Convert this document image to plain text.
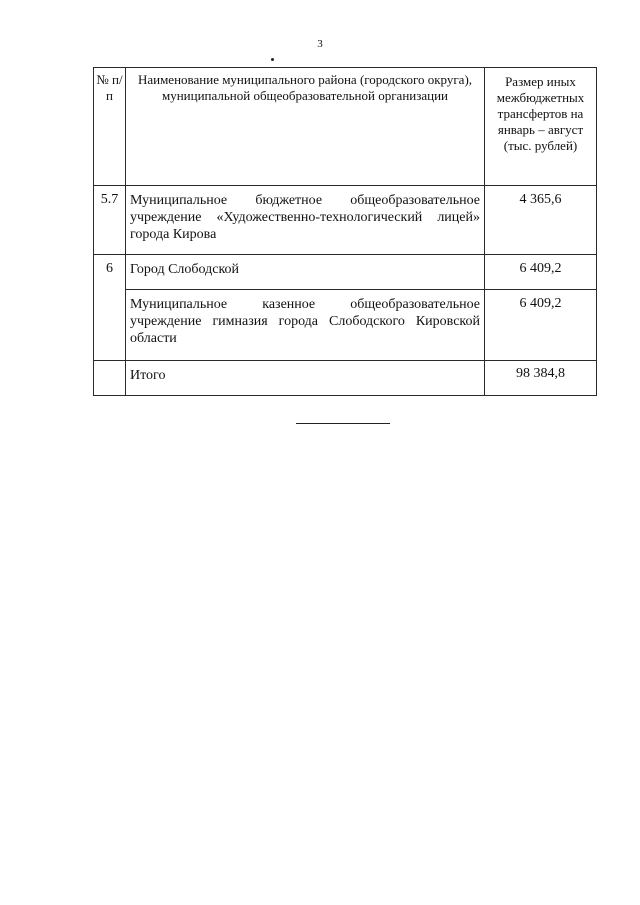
3
№ п/п	Наименование муниципального района (городского округа), муниципальной общеобразовательной организации	Размер иных межбюджетных трансфертов на январь – август (тыс. рублей)
5.7	Муниципальное бюджетное общеобразовательное учреждение «Художественно-технологический лицей» города Кирова	4 365,6
6	Город Слободской	6 409,2
	Муниципальное казенное общеобразовательное учреждение гимназия города Слободского Кировской области	6 409,2
	Итого	98 384,8
